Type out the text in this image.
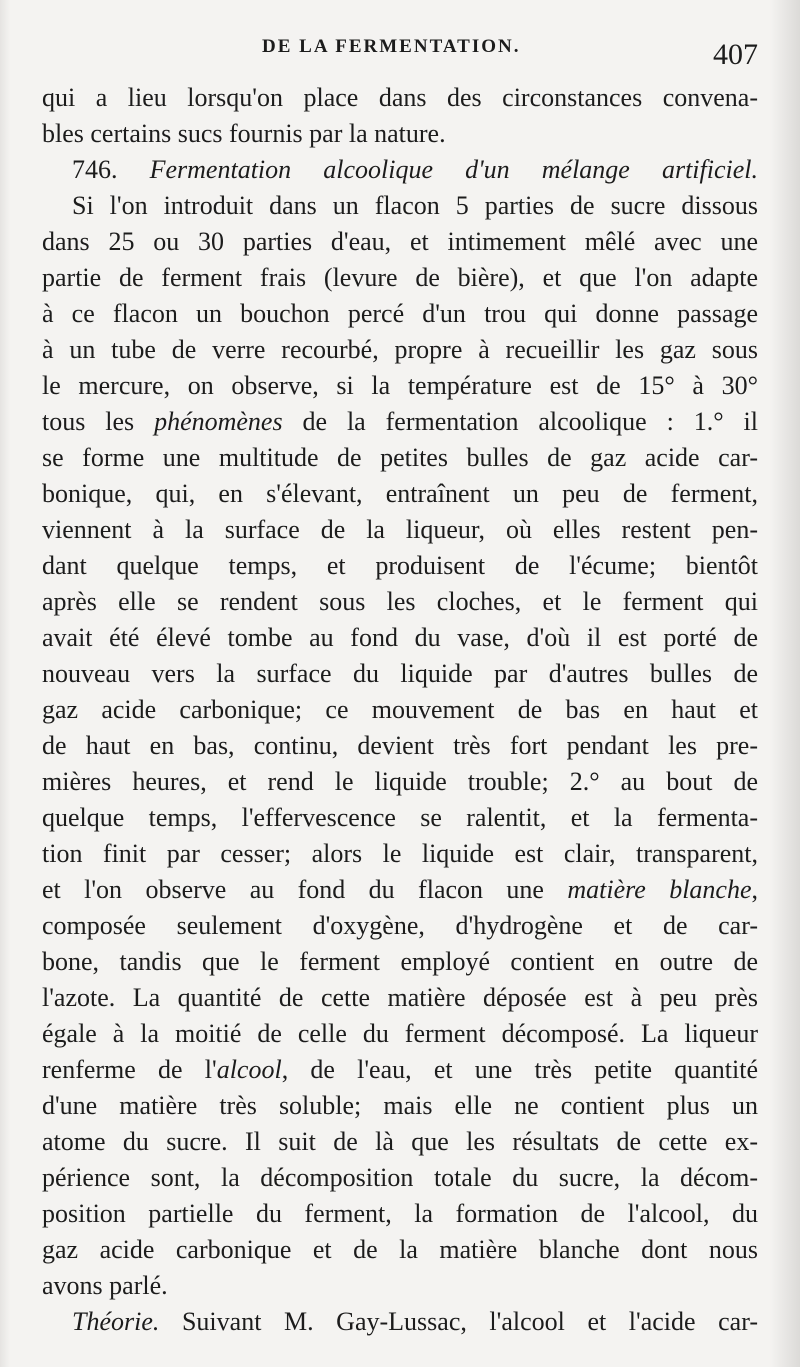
DE LA FERMENTATION.	407
qui a lieu lorsqu'on place dans des circonstances convena-
bles certains sucs fournis par la nature.
746. Fermentation alcoolique d'un mélange artificiel.
Si l'on introduit dans un flacon 5 parties de sucre dissous
dans 25 ou 30 parties d'eau, et intimement mêlé avec une
partie de ferment frais (levure de bière), et que l'on adapte
à ce flacon un bouchon percé d'un trou qui donne passage
à un tube de verre recourbé, propre à recueillir les gaz sous
le mercure, on observe, si la température est de 15° à 30°
tous les phénomènes de la fermentation alcoolique : 1.° il
se forme une multitude de petites bulles de gaz acide car-
bonique, qui, en s'élevant, entraînent un peu de ferment,
viennent à la surface de la liqueur, où elles restent pen-
dant quelque temps, et produisent de l'écume; bientôt
après elle se rendent sous les cloches, et le ferment qui
avait été élevé tombe au fond du vase, d'où il est porté de
nouveau vers la surface du liquide par d'autres bulles de
gaz acide carbonique; ce mouvement de bas en haut et
de haut en bas, continu, devient très fort pendant les pre-
mières heures, et rend le liquide trouble; 2.° au bout de
quelque temps, l'effervescence se ralentit, et la fermenta-
tion finit par cesser; alors le liquide est clair, transparent,
et l'on observe au fond du flacon une matière blanche,
composée seulement d'oxygène, d'hydrogène et de car-
bone, tandis que le ferment employé contient en outre de
l'azote. La quantité de cette matière déposée est à peu près
égale à la moitié de celle du ferment décomposé. La liqueur
renferme de l'alcool, de l'eau, et une très petite quantité
d'une matière très soluble; mais elle ne contient plus un
atome du sucre. Il suit de là que les résultats de cette ex-
périence sont, la décomposition totale du sucre, la décom-
position partielle du ferment, la formation de l'alcool, du
gaz acide carbonique et de la matière blanche dont nous
avons parlé.
Théorie. Suivant M. Gay-Lussac, l'alcool et l'acide car-
